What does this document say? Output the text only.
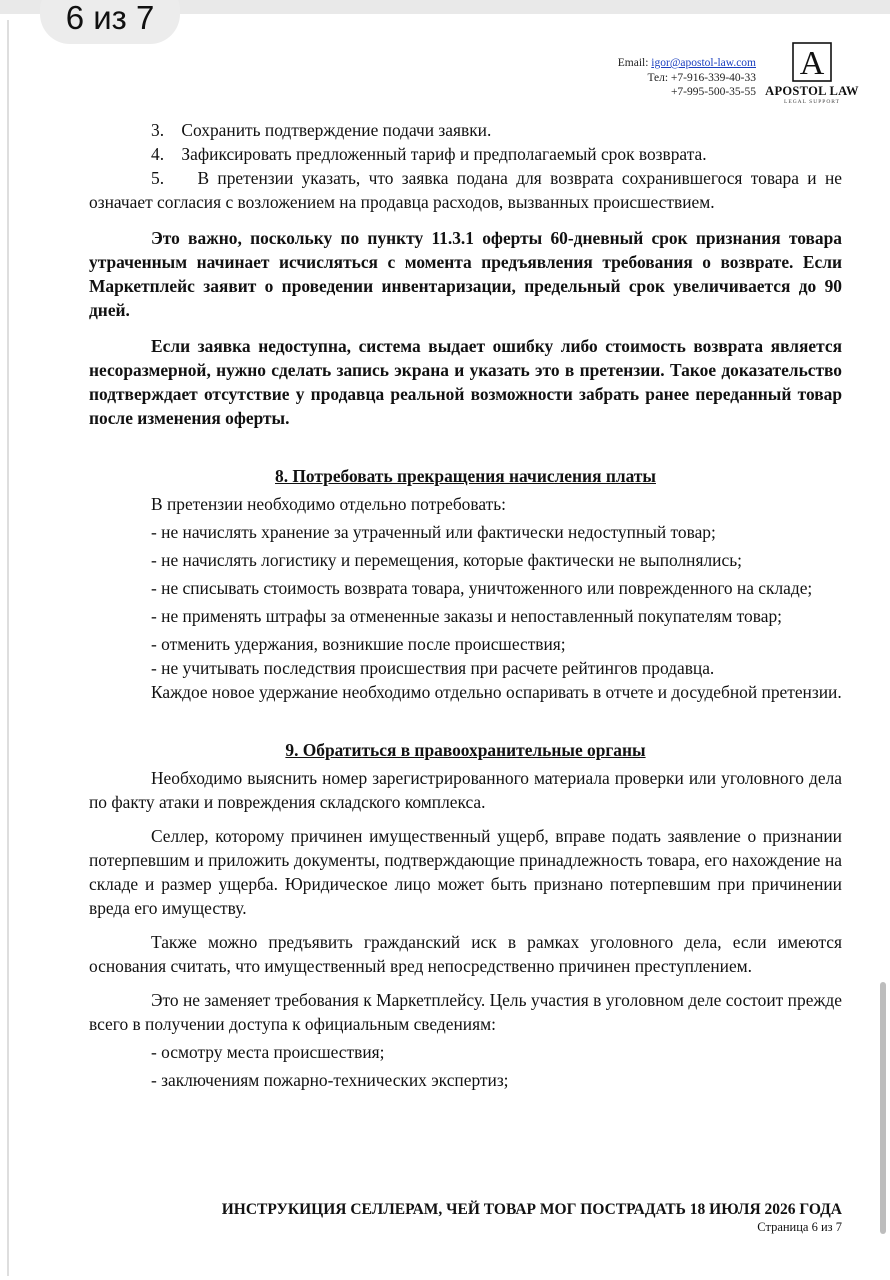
6 из 7
Email: igor@apostol-law.com
Тел: +7-916-339-40-33
+7-995-500-35-55
A
APOSTOL LAW
LEGAL SUPPORT

3.    Сохранить подтверждение подачи заявки.

4.    Зафиксировать предложенный тариф и предполагаемый срок возврата.

5.    В претензии указать, что заявка подана для возврата сохранившегося товара и не означает согласия с возложением на продавца расходов, вызванных происшествием.

Это важно, поскольку по пункту 11.3.1 оферты 60-дневный срок признания товара утраченным начинает исчисляться с момента предъявления требования о возврате. Если Маркетплейс заявит о проведении инвентаризации, предельный срок увеличивается до 90 дней.

Если заявка недоступна, система выдает ошибку либо стоимость возврата является несоразмерной, нужно сделать запись экрана и указать это в претензии. Такое доказательство подтверждает отсутствие у продавца реальной возможности забрать ранее переданный товар после изменения оферты.

8. Потребовать прекращения начисления платы

В претензии необходимо отдельно потребовать:

- не начислять хранение за утраченный или фактически недоступный товар;

- не начислять логистику и перемещения, которые фактически не выполнялись;

- не списывать стоимость возврата товара, уничтоженного или поврежденного на складе;

- не применять штрафы за отмененные заказы и непоставленный покупателям товар;

- отменить удержания, возникшие после происшествия;

- не учитывать последствия происшествия при расчете рейтингов продавца.

Каждое новое удержание необходимо отдельно оспаривать в отчете и досудебной претензии.

9. Обратиться в правоохранительные органы

Необходимо выяснить номер зарегистрированного материала проверки или уголовного дела по факту атаки и повреждения складского комплекса.

Селлер, которому причинен имущественный ущерб, вправе подать заявление о признании потерпевшим и приложить документы, подтверждающие принадлежность товара, его нахождение на складе и размер ущерба. Юридическое лицо может быть признано потерпевшим при причинении вреда его имуществу.

Также можно предъявить гражданский иск в рамках уголовного дела, если имеются основания считать, что имущественный вред непосредственно причинен преступлением.

Это не заменяет требования к Маркетплейсу. Цель участия в уголовном деле состоит прежде всего в получении доступа к официальным сведениям:

- осмотру места происшествия;

- заключениям пожарно-технических экспертиз;

ИНСТРУКИЦИЯ СЕЛЛЕРАМ, ЧЕЙ ТОВАР МОГ ПОСТРАДАТЬ 18 ИЮЛЯ 2026 ГОДА
Страница 6 из 7
